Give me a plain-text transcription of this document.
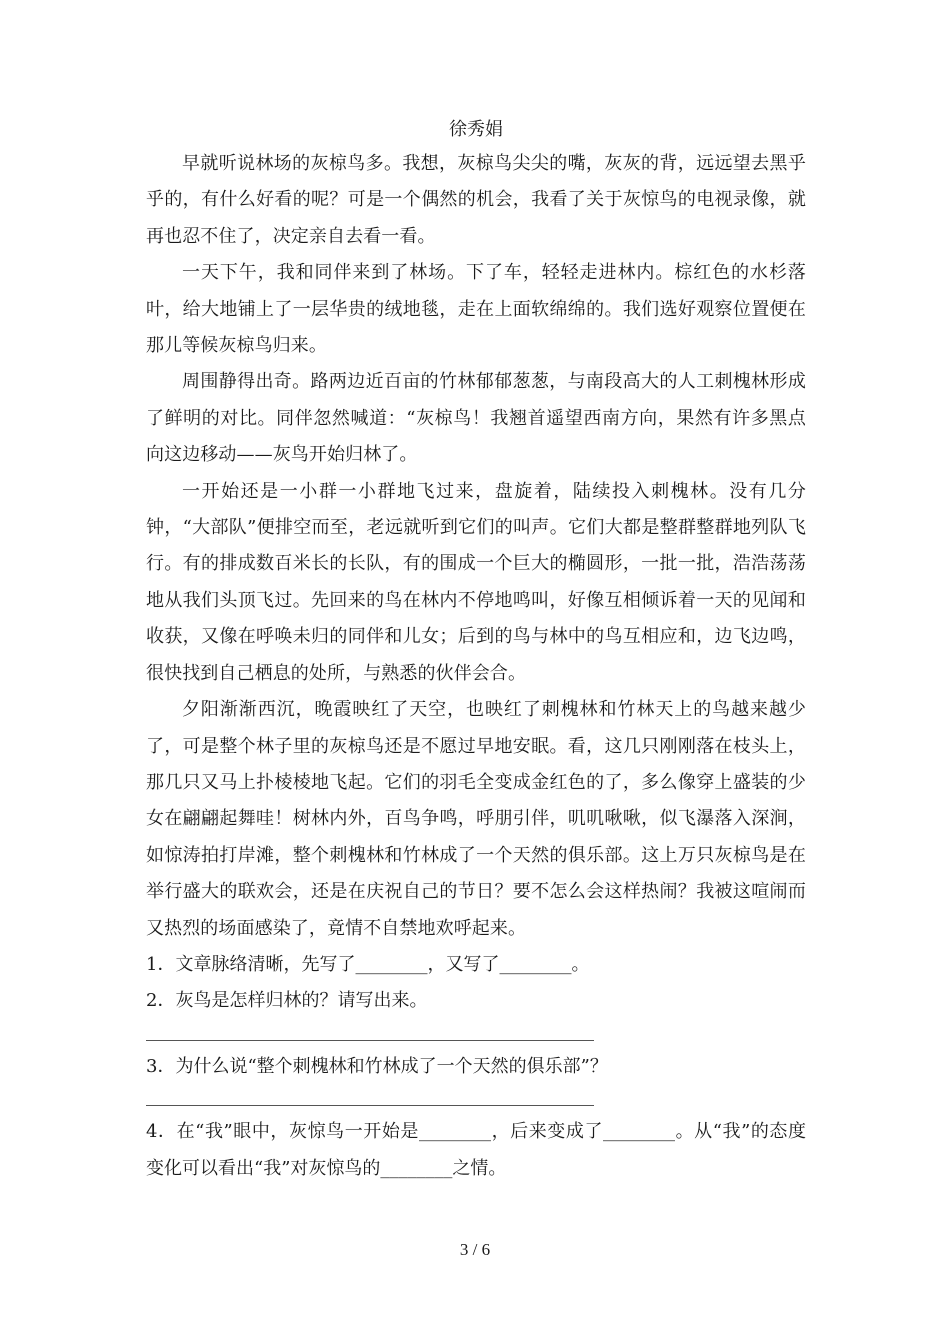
徐秀娟

早就听说林场的灰椋鸟多。我想，灰椋鸟尖尖的嘴，灰灰的背，远远望去黑乎乎的，有什么好看的呢？可是一个偶然的机会，我看了关于灰惊鸟的电视录像，就再也忍不住了，决定亲自去看一看。

一天下午，我和同伴来到了林场。下了车，轻轻走进林内。棕红色的水杉落叶，给大地铺上了一层华贵的绒地毯，走在上面软绵绵的。我们选好观察位置便在那儿等候灰椋鸟归来。

周围静得出奇。路两边近百亩的竹林郁郁葱葱，与南段高大的人工刺槐林形成了鲜明的对比。同伴忽然喊道：“灰椋鸟！我翘首遥望西南方向，果然有许多黑点向这边移动——灰鸟开始归林了。

一开始还是一小群一小群地飞过来，盘旋着，陆续投入刺槐林。没有几分钟，“大部队”便排空而至，老远就听到它们的叫声。它们大都是整群整群地列队飞行。有的排成数百米长的长队，有的围成一个巨大的椭圆形，一批一批，浩浩荡荡地从我们头顶飞过。先回来的鸟在林内不停地鸣叫，好像互相倾诉着一天的见闻和收获，又像在呼唤未归的同伴和儿女；后到的鸟与林中的鸟互相应和，边飞边鸣，很快找到自己栖息的处所，与熟悉的伙伴会合。

夕阳渐渐西沉，晚霞映红了天空，也映红了刺槐林和竹林天上的鸟越来越少了，可是整个林子里的灰椋鸟还是不愿过早地安眠。看，这几只刚刚落在枝头上，那几只又马上扑棱棱地飞起。它们的羽毛全变成金红色的了，多么像穿上盛装的少女在翩翩起舞哇！树林内外，百鸟争鸣，呼朋引伴，叽叽啾啾，似飞瀑落入深涧，如惊涛拍打岸滩，整个刺槐林和竹林成了一个天然的俱乐部。这上万只灰椋鸟是在举行盛大的联欢会，还是在庆祝自己的节日？要不怎么会这样热闹？我被这喧闹而又热烈的场面感染了，竟情不自禁地欢呼起来。

1．文章脉络清晰，先写了________，又写了________。

2．灰鸟是怎样归林的？请写出来。

3．为什么说“整个刺槐林和竹林成了一个天然的俱乐部”？

4．在“我”眼中，灰惊鸟一开始是________，后来变成了________。从“我”的态度变化可以看出“我”对灰惊鸟的________之情。

3 / 6
